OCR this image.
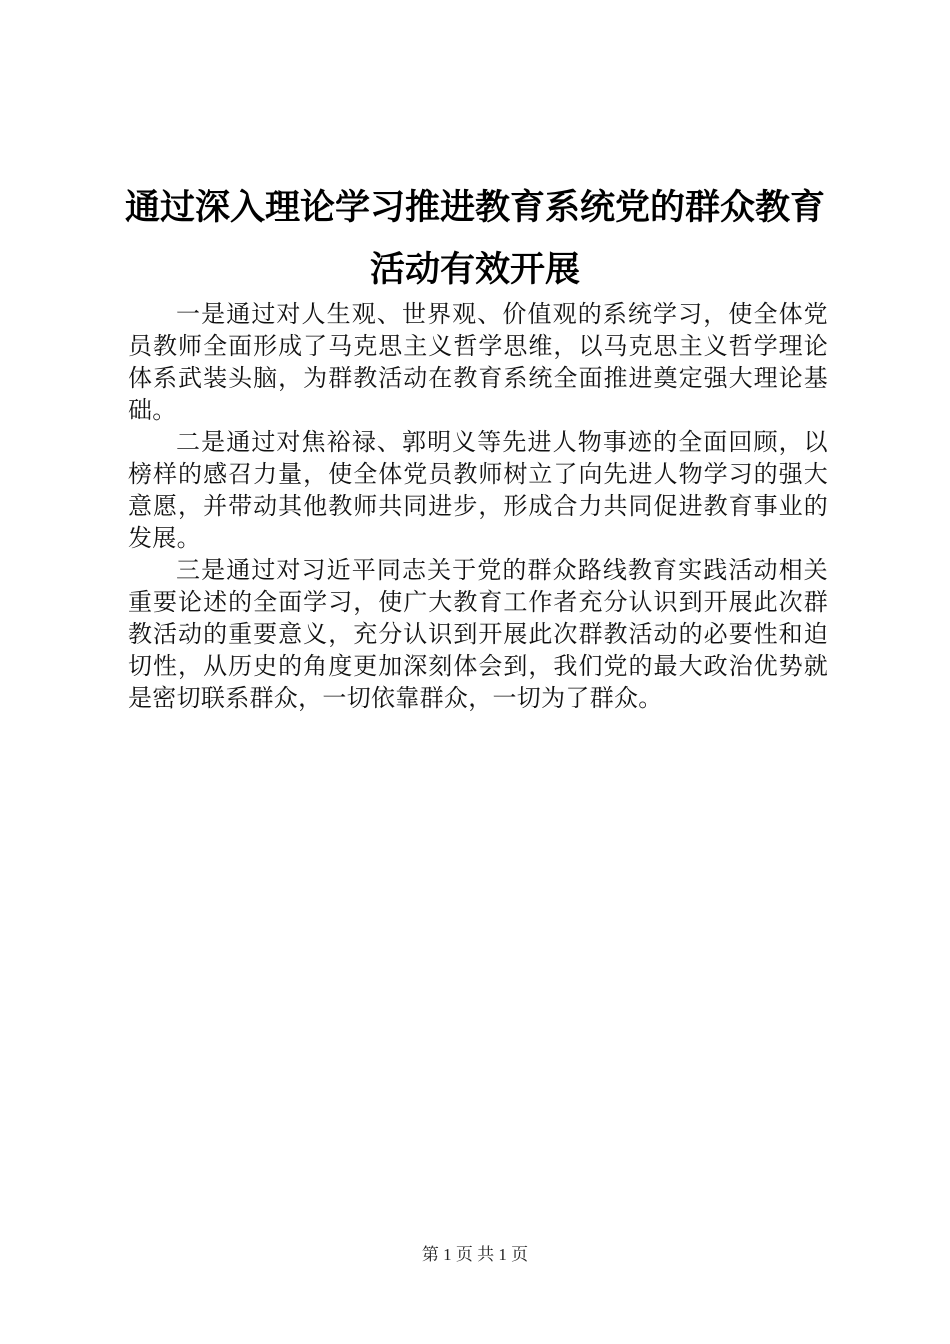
通过深入理论学习推进教育系统党的群众教育
活动有效开展

一是通过对人生观、世界观、价值观的系统学习，使全体党员教师全面形成了马克思主义哲学思维，以马克思主义哲学理论体系武装头脑，为群教活动在教育系统全面推进奠定强大理论基础。

二是通过对焦裕禄、郭明义等先进人物事迹的全面回顾，以榜样的感召力量，使全体党员教师树立了向先进人物学习的强大意愿，并带动其他教师共同进步，形成合力共同促进教育事业的发展。

三是通过对习近平同志关于党的群众路线教育实践活动相关重要论述的全面学习，使广大教育工作者充分认识到开展此次群教活动的重要意义，充分认识到开展此次群教活动的必要性和迫切性，从历史的角度更加深刻体会到，我们党的最大政治优势就是密切联系群众，一切依靠群众，一切为了群众。

第 1 页 共 1 页
